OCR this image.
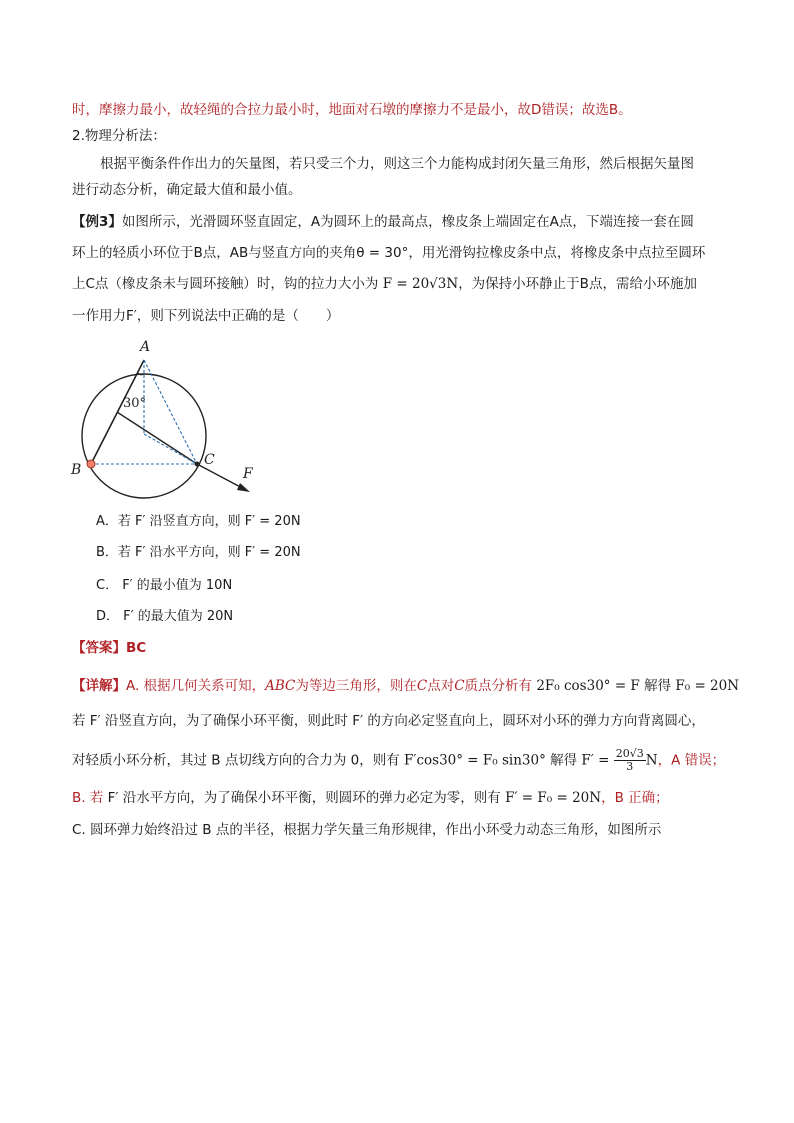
时，摩擦力最小，故轻绳的合拉力最小时，地面对石墩的摩擦力不是最小，故D错误；故选B。
2.物理分析法：
根据平衡条件作出力的矢量图，若只受三个力，则这三个力能构成封闭矢量三角形，然后根据矢量图
进行动态分析，确定最大值和最小值。
【例3】如图所示，光滑圆环竖直固定，A为圆环上的最高点，橡皮条上端固定在A点，下端连接一套在圆
环上的轻质小环位于B点，AB与竖直方向的夹角θ = 30°，用光滑钩拉橡皮条中点，将橡皮条中点拉至圆环
上C点（橡皮条未与圆环接触）时，钩的拉力大小为 F = 20√3N，为保持小环静止于B点，需给小环施加
一作用力F′，则下列说法中正确的是（　　）
A
B
C
F
30°
A．若 F′ 沿竖直方向，则 F′ = 20N
B．若 F′ 沿水平方向，则 F′ = 20N
C． F′ 的最小值为 10N
D． F′ 的最大值为 20N
【答案】BC
【详解】A. 根据几何关系可知，ABC为等边三角形，则在C点对C质点分析有 2F₀ cos30° = F 解得 F₀ = 20N
若 F′ 沿竖直方向，为了确保小环平衡，则此时 F′ 的方向必定竖直向上，圆环对小环的弹力方向背离圆心，
对轻质小环分析，其过 B 点切线方向的合力为 0，则有 F′cos30° = F₀ sin30° 解得 $F' = \frac{20√3}{3}$ N，A 错误；
B. 若 F′ 沿水平方向，为了确保小环平衡，则圆环的弹力必定为零，则有 F′ = F₀ = 20N，B 正确；
C. 圆环弹力始终沿过 B 点的半径，根据力学矢量三角形规律，作出小环受力动态三角形，如图所示
